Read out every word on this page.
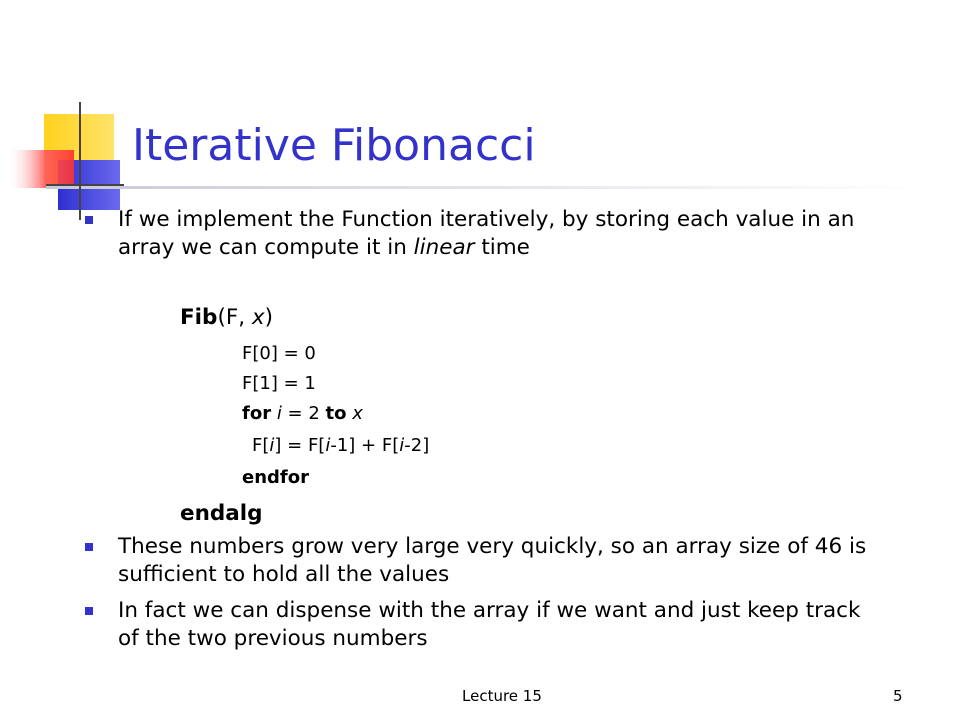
Iterative Fibonacci
If we implement the Function iteratively, by storing each value in an array we can compute it in linear time
Fib(F, x)
F[0] = 0
F[1] = 1
for i = 2 to x
F[i] = F[i-1] + F[i-2]
endfor
endalg
These numbers grow very large very quickly, so an array size of 46 is sufficient to hold all the values
In fact we can dispense with the array if we want and just keep track of the two previous numbers
Lecture 15	5
